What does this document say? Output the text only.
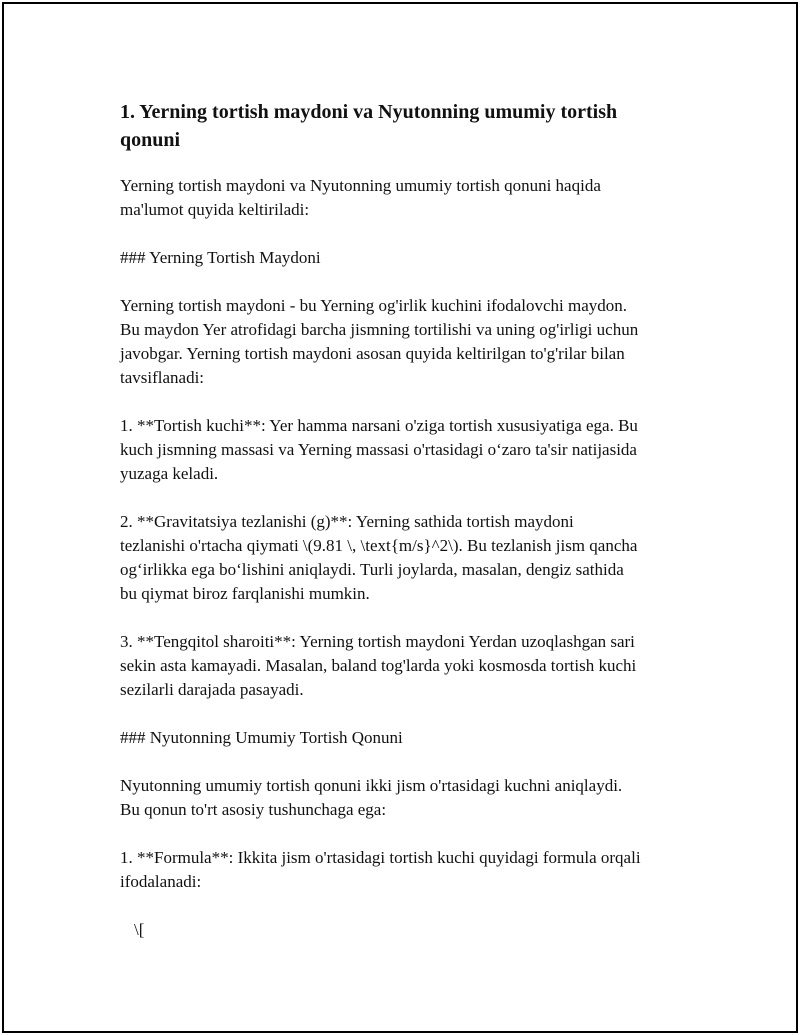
1. Yerning tortish maydoni va Nyutonning umumiy tortish
qonuni
Yerning tortish maydoni va Nyutonning umumiy tortish qonuni haqida
ma'lumot quyida keltiriladi:
### Yerning Tortish Maydoni
Yerning tortish maydoni - bu Yerning og'irlik kuchini ifodalovchi maydon.
Bu maydon Yer atrofidagi barcha jismning tortilishi va uning og'irligi uchun
javobgar. Yerning tortish maydoni asosan quyida keltirilgan to'g'rilar bilan
tavsiflanadi:
1. **Tortish kuchi**: Yer hamma narsani o'ziga tortish xususiyatiga ega. Bu
kuch jismning massasi va Yerning massasi o'rtasidagi o‘zaro ta'sir natijasida
yuzaga keladi.
2. **Gravitatsiya tezlanishi (g)**: Yerning sathida tortish maydoni
tezlanishi o'rtacha qiymati \(9.81 \, \text{m/s}^2\). Bu tezlanish jism qancha
og‘irlikka ega bo‘lishini aniqlaydi. Turli joylarda, masalan, dengiz sathida
bu qiymat biroz farqlanishi mumkin.
3. **Tengqitol sharoiti**: Yerning tortish maydoni Yerdan uzoqlashgan sari
sekin asta kamayadi. Masalan, baland tog'larda yoki kosmosda tortish kuchi
sezilarli darajada pasayadi.
### Nyutonning Umumiy Tortish Qonuni
Nyutonning umumiy tortish qonuni ikki jism o'rtasidagi kuchni aniqlaydi.
Bu qonun to'rt asosiy tushunchaga ega:
1. **Formula**: Ikkita jism o'rtasidagi tortish kuchi quyidagi formula orqali
ifodalanadi:
\[
